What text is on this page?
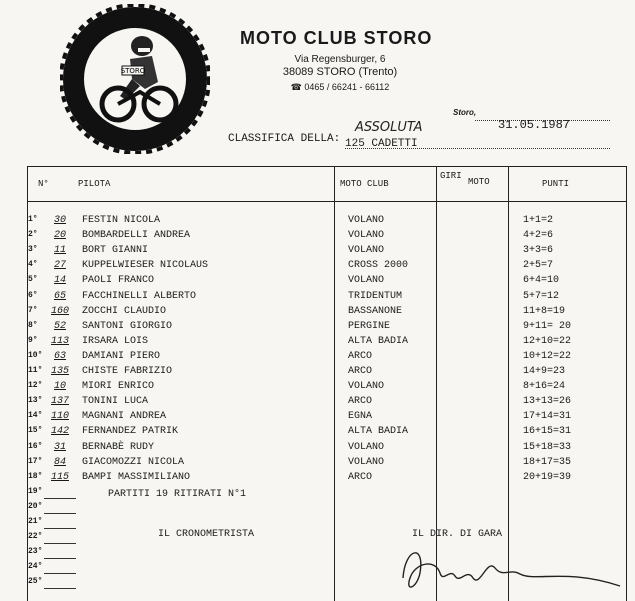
STORO
MOTO CLUB STORO
Via Regensburger, 6
38089 STORO (Trento)
☎ 0465 / 66241 - 66112
Storo,
31.05.1987
CLASSIFICA DELLA:
ASSOLUTA
125 CADETTI
N°	PILOTA	MOTO CLUB
GIRI
MOTO	PUNTI
1°	30	FESTIN NICOLA	VOLANO	1+1=2
2°	20	BOMBARDELLI ANDREA	VOLANO	4+2=6
3°	11	BORT GIANNI	VOLANO	3+3=6
4°	27	KUPPELWIESER NICOLAUS	CROSS 2000	2+5=7
5°	14	PAOLI FRANCO	VOLANO	6+4=10
6°	65	FACCHINELLI ALBERTO	TRIDENTUM	5+7=12
7°	160	ZOCCHI CLAUDIO	BASSANONE	11+8=19
8°	52	SANTONI GIORGIO	PERGINE	9+11= 20
9°	113	IRSARA LOIS	ALTA BADIA	12+10=22
10°	63	DAMIANI PIERO	ARCO	10+12=22
11° 135	CHISTE FABRIZIO	ARCO	14+9=23
12°	10	MIORI ENRICO	VOLANO	8+16=24
13° 137	TONINI LUCA	ARCO	13+13=26
14° 110	MAGNANI ANDREA	EGNA	17+14=31
15° 142	FERNANDEZ PATRIK	ALTA BADIA	16+15=31
16°	31	BERNABÈ RUDY	VOLANO	15+18=33
17°	84	GIACOMOZZI NICOLA	VOLANO	18+17=35
18° 115	BAMPI MASSIMILIANO	ARCO	20+19=39
19°
20°
21°
22°
23°
24°
25°
PARTITI 19 RITIRATI N°1
IL CRONOMETRISTA	IL DIR. DI GARA
